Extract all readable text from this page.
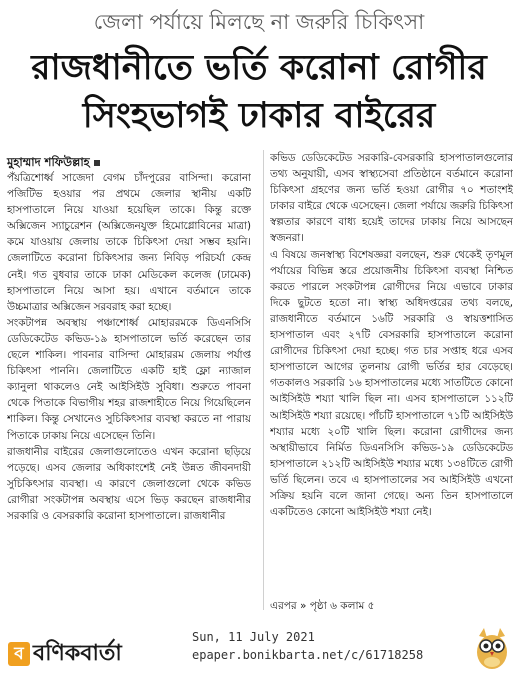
জেলা পর্যায়ে মিলছে না জরুরি চিকিৎসা
রাজধানীতে ভর্তি করোনা রোগীর
সিংহভাগই ঢাকার বাইরের
মুহাম্মাদ শফিউল্লাহ

পঁয়ত্রিশোর্ধ্ব সাজেদা বেগম চাঁদপুরের বাসিন্দা। করোনা পজিটিভ হওয়ার পর প্রথমে জেলার স্থানীয় একটি হাসপাতালে নিয়ে যাওয়া হয়েছিল তাকে। কিন্তু রক্তে অক্সিজেন স্যাচুরেশন (অক্সিজেনযুক্ত হিমোগ্লোবিনের মাত্রা) কমে যাওয়ায় জেলায় তাকে চিকিৎসা দেয়া সম্ভব হয়নি। জেলাটিতে করোনা চিকিৎসার জন্য নিবিড় পরিচর্যা কেন্দ্র নেই। গত বুধবার তাকে ঢাকা মেডিকেল কলেজ (ঢামেক) হাসপাতালে নিয়ে আসা হয়। এখানে বর্তমানে তাকে উচ্চমাত্রার অক্সিজেন সরবরাহ করা হচ্ছে।

সংকটাপন্ন অবস্থায় পঞ্চাশোর্ধ্ব মোহাররমকে ডিএনসিসি ডেডিকেটেড কভিড-১৯ হাসপাতালে ভর্তি করেছেন তার ছেলে শাকিল। পাবনার বাসিন্দা মোহাররম জেলায় পর্যাপ্ত চিকিৎসা পাননি। জেলাটিতে একটি হাই ফ্লো ন্যাজাল ক্যানুলা থাকলেও নেই আইসিইউ সুবিধা। শুরুতে পাবনা থেকে পিতাকে বিভাগীয় শহর রাজশাহীতে নিয়ে গিয়েছিলেন শাকিল। কিন্তু সেখানেও সুচিকিৎসার ব্যবস্থা করতে না পারায় পিতাকে ঢাকায় নিয়ে এসেছেন তিনি।

রাজধানীর বাইরের জেলাগুলোতেও এখন করোনা ছড়িয়ে পড়েছে। এসব জেলার অধিকাংশেই নেই উন্নত জীবনদায়ী সুচিকিৎসার ব্যবস্থা। এ কারণে জেলাগুলো থেকে কভিড রোগীরা সংকটাপন্ন অবস্থায় এসে ভিড় করছেন রাজধানীর সরকারি ও বেসরকারি করোনা হাসপাতালে। রাজধানীর

কভিড ডেডিকেটেড সরকারি-বেসরকারি হাসপাতালগুলোর তথ্য অনুযায়ী, এসব স্বাস্থ্যসেবা প্রতিষ্ঠানে বর্তমানে করোনা চিকিৎসা গ্রহণের জন্য ভর্তি হওয়া রোগীর ৭০ শতাংশই ঢাকার বাইরে থেকে এসেছেন। জেলা পর্যায়ে জরুরি চিকিৎসা স্বল্পতার কারণে বাধ্য হয়েই তাদের ঢাকায় নিয়ে আসছেন স্বজনরা।

এ বিষয়ে জনস্বাস্থ্য বিশেষজ্ঞরা বলছেন, শুরু থেকেই তৃণমূল পর্যায়ের বিভিন্ন স্তরে প্রয়োজনীয় চিকিৎসা ব্যবস্থা নিশ্চিত করতে পারলে সংকটাপন্ন রোগীদের নিয়ে এভাবে ঢাকার দিকে ছুটতে হতো না। স্বাস্থ্য অধিদপ্তরের তথ্য বলছে, রাজধানীতে বর্তমানে ১৬টি সরকারি ও স্বায়ত্তশাসিত হাসপাতাল এবং ২৭টি বেসরকারি হাসপাতালে করোনা রোগীদের চিকিৎসা দেয়া হচ্ছে। গত চার সপ্তাহ ধরে এসব হাসপাতালে আগের তুলনায় রোগী ভর্তির হার বেড়েছে। গতকালও সরকারি ১৬ হাসপাতালের মধ্যে সাতটিতে কোনো আইসিইউ শয্যা খালি ছিল না। এসব হাসপাতালে ১১২টি আইসিইউ শয্যা রয়েছে। পাঁচটি হাসপাতালে ৭১টি আইসিইউ শয্যার মধ্যে ২০টি খালি ছিল। করোনা রোগীদের জন্য অস্থায়ীভাবে নির্মিত ডিএনসিসি কভিড-১৯ ডেডিকেটেড হাসপাতালে ২১২টি আইসিইউ শয্যার মধ্যে ১৩৪টিতে রোগী ভর্তি ছিলেন। তবে এ হাসপাতালের সব আইসিইউ এখনো সক্রিয় হয়নি বলে জানা গেছে। অন্য তিন হাসপাতালে একটিতেও কোনো আইসিইউ শয্যা নেই।

এরপর » পৃষ্ঠা ৬ কলাম ৫
ব বণিকবার্তা
Sun, 11 July 2021
epaper.bonikbarta.net/c/61718258
